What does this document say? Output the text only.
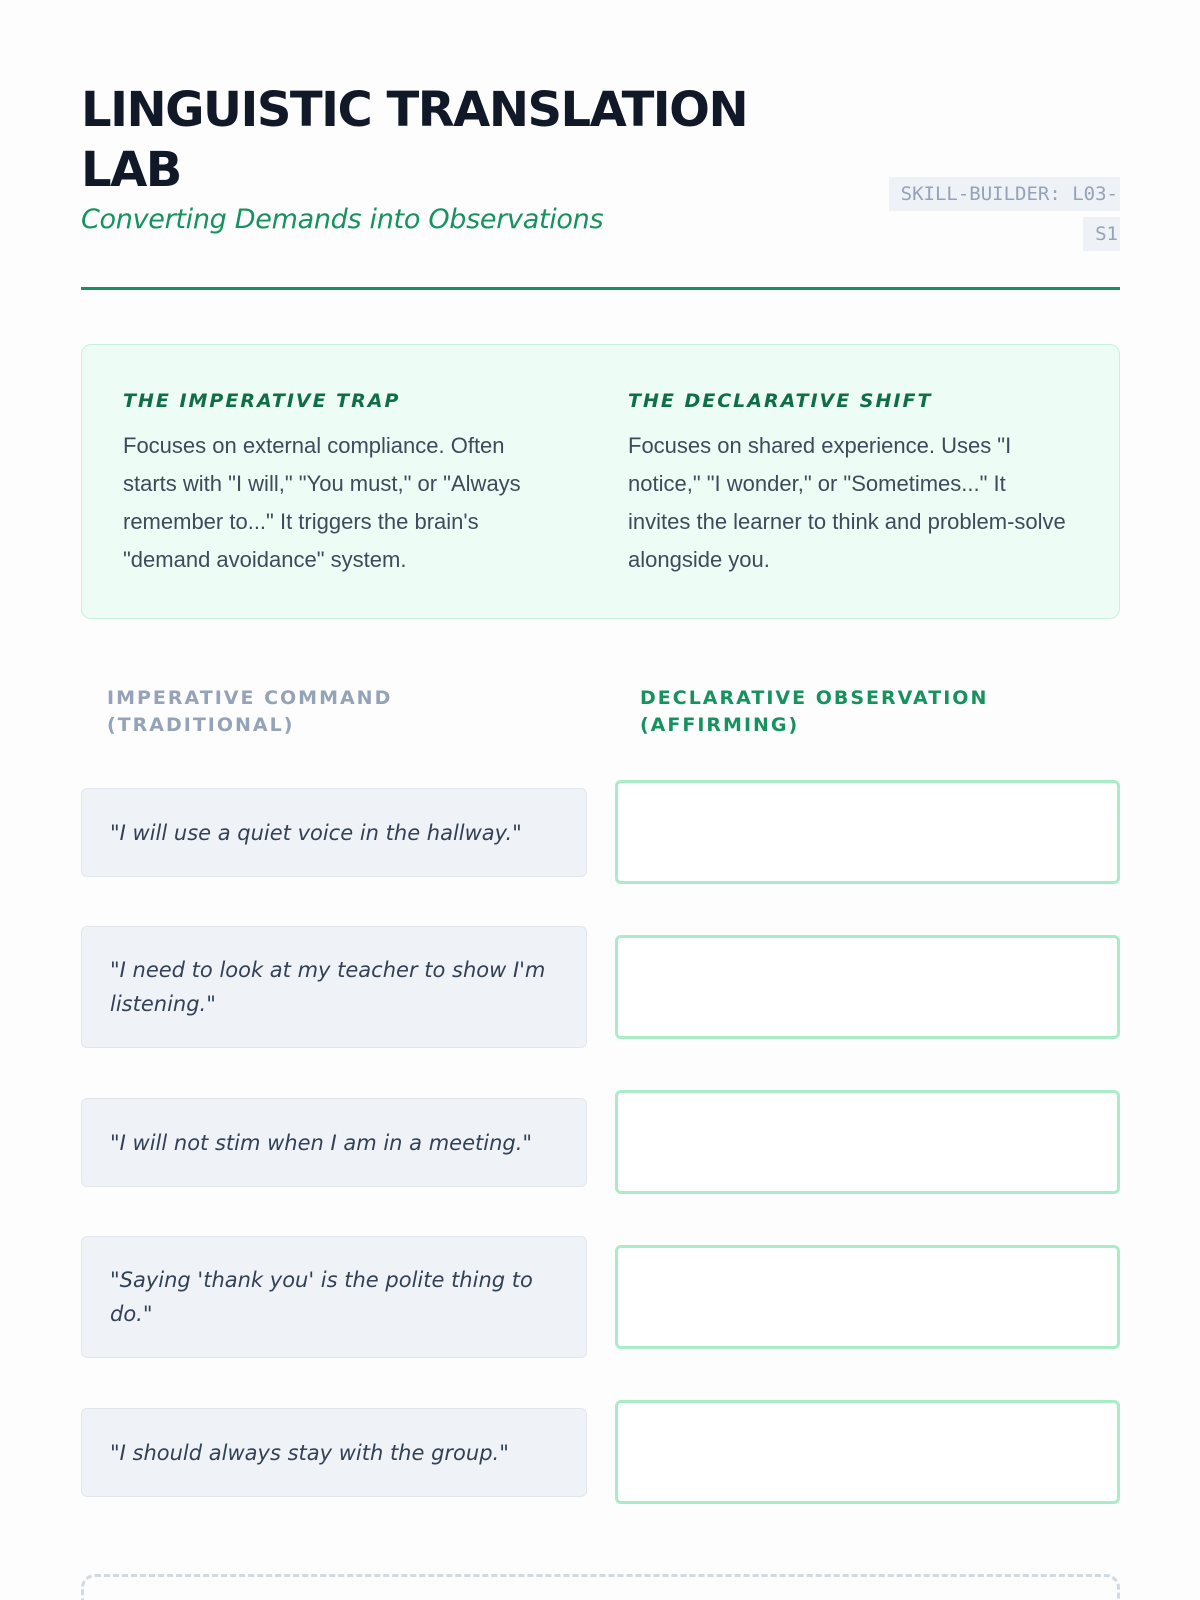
LINGUISTIC TRANSLATION LAB
Converting Demands into Observations
SKILL-BUILDER: L03-S1
THE IMPERATIVE TRAP
Focuses on external compliance. Often starts with "I will," "You must," or "Always remember to..." It triggers the brain's "demand avoidance" system.
THE DECLARATIVE SHIFT
Focuses on shared experience. Uses "I notice," "I wonder," or "Sometimes..." It invites the learner to think and problem-solve alongside you.
IMPERATIVE COMMAND (TRADITIONAL)
DECLARATIVE OBSERVATION (AFFIRMING)
"I will use a quiet voice in the hallway."
"I need to look at my teacher to show I'm listening."
"I will not stim when I am in a meeting."
"Saying 'thank you' is the polite thing to do."
"I should always stay with the group."
